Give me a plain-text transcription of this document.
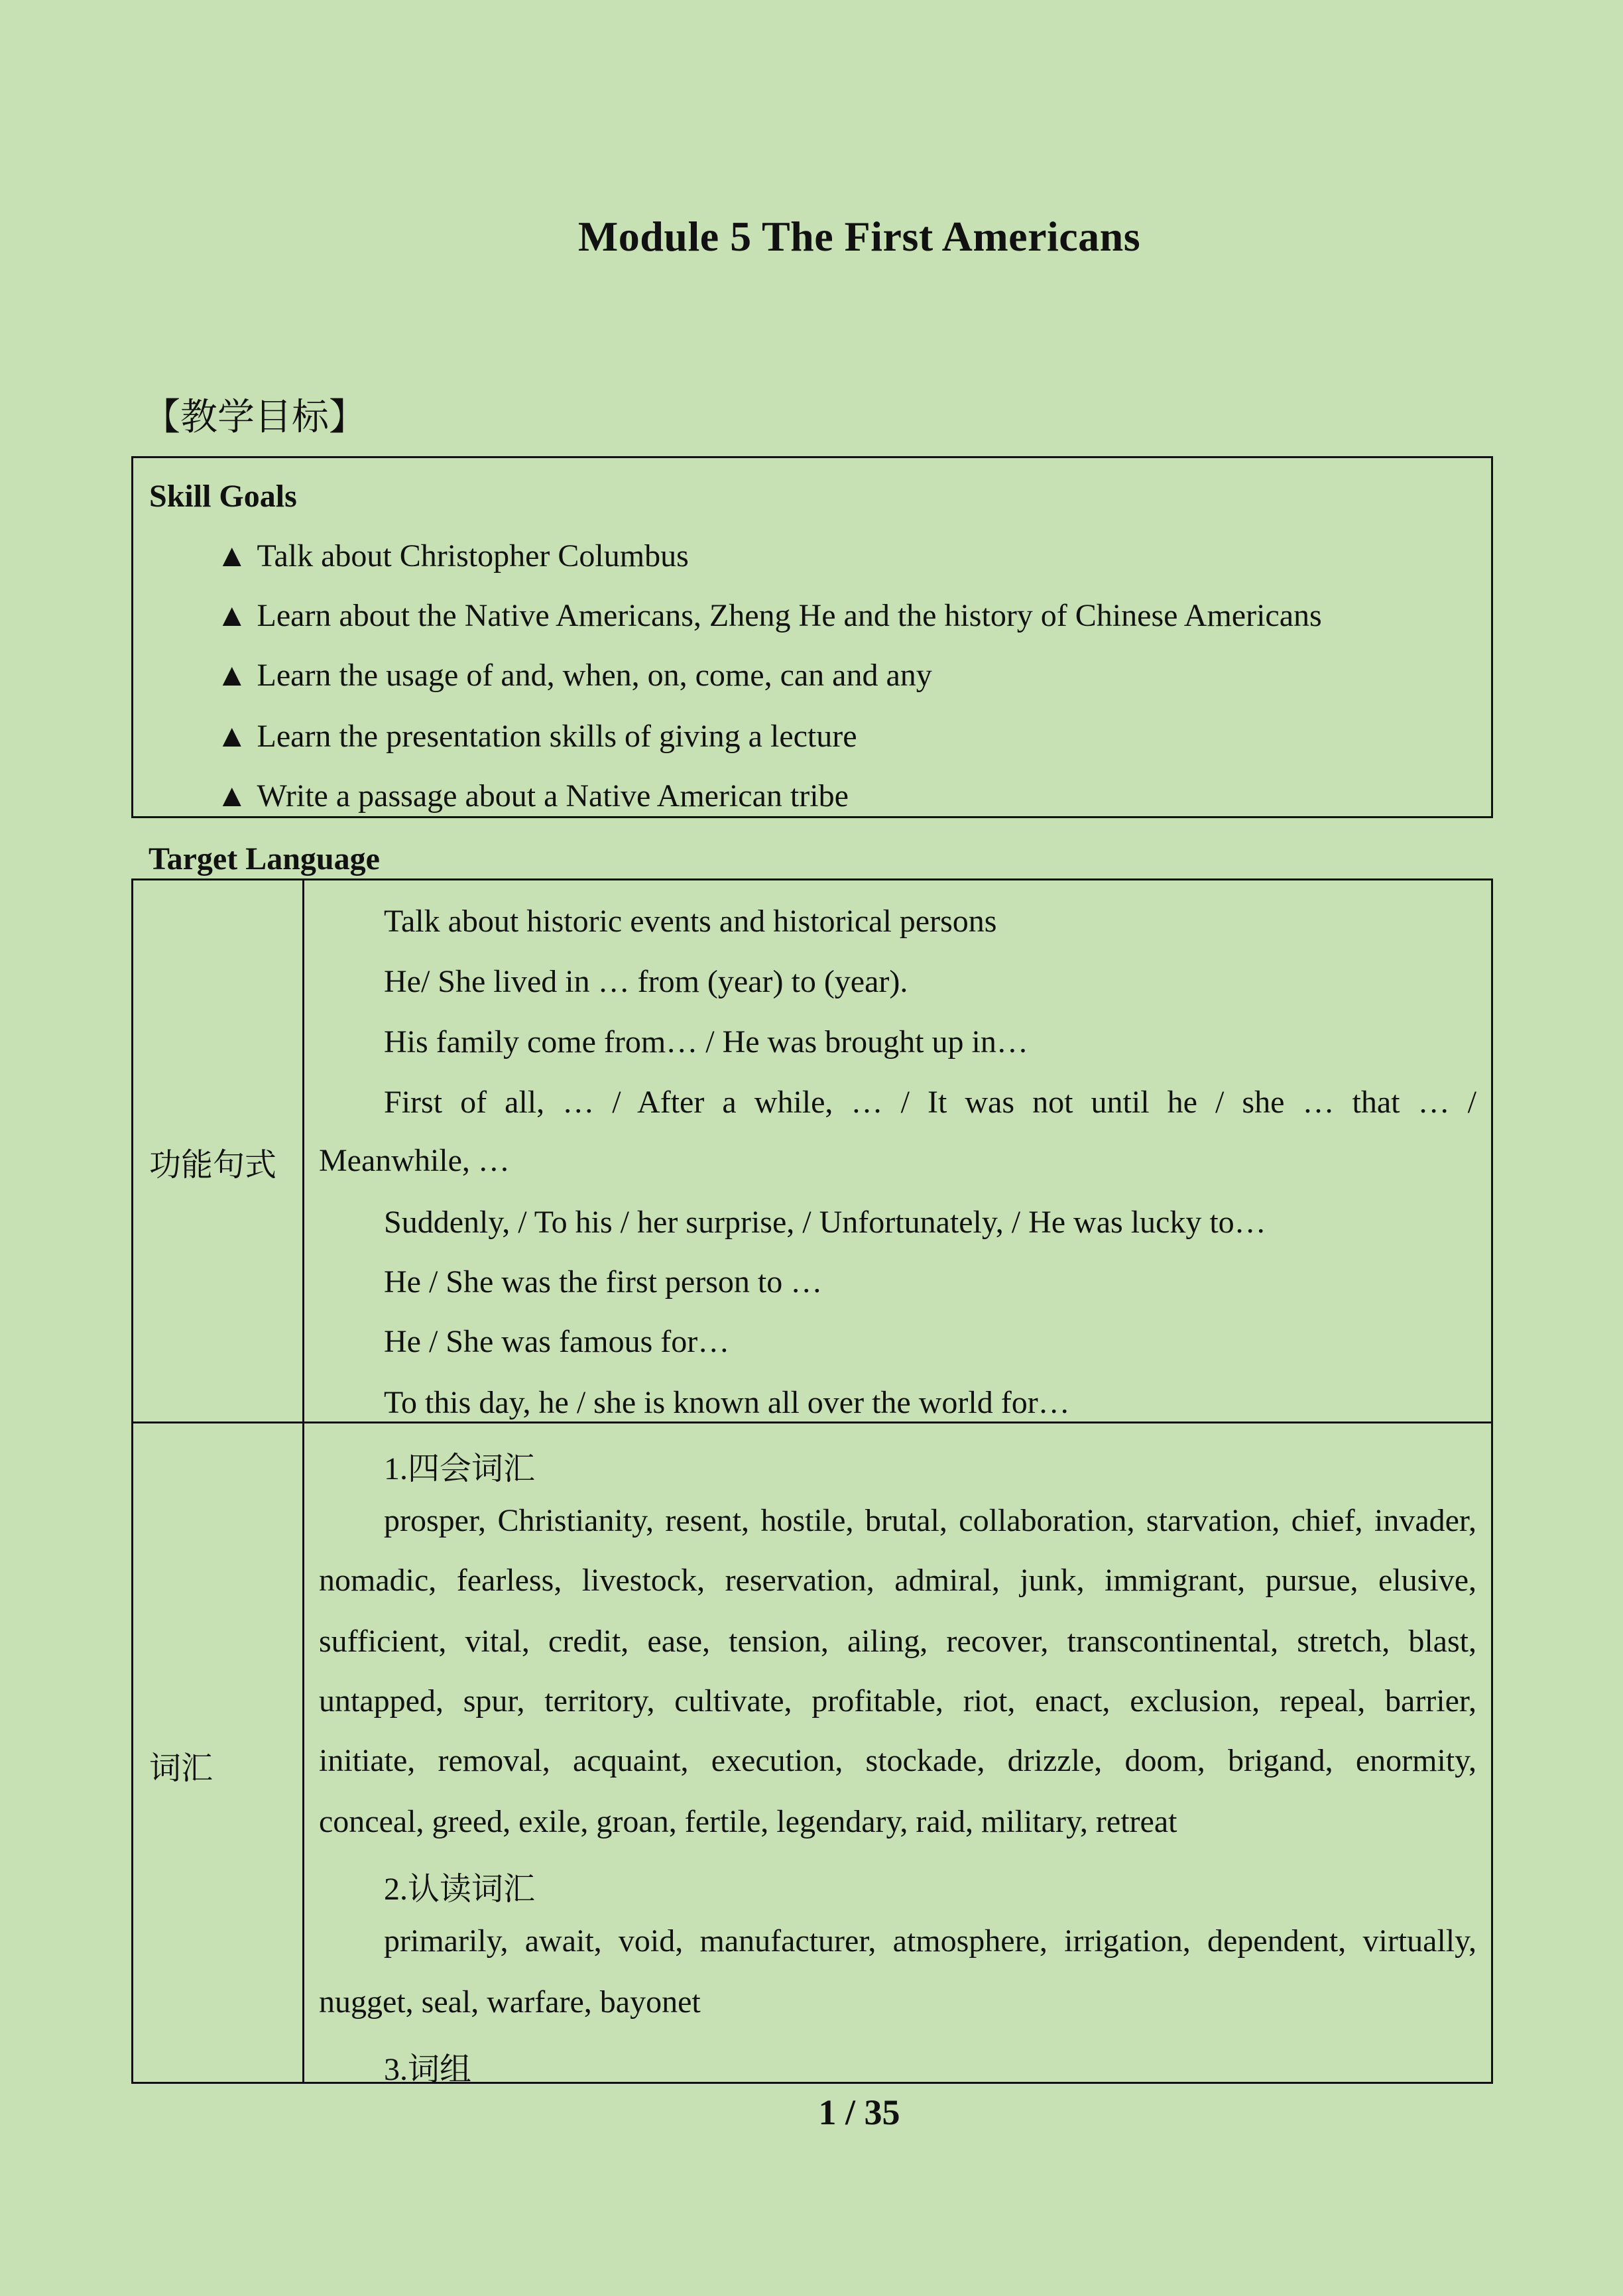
Module 5 The First Americans
【教学目标】
Skill Goals
▲ Talk about Christopher Columbus
▲ Learn about the Native Americans, Zheng He and the history of Chinese Americans
▲ Learn the usage of and, when, on, come, can and any
▲ Learn the presentation skills of giving a lecture
▲ Write a passage about a Native American tribe
Target Language
功能句式
Talk about historic events and historical persons
He/ She lived in … from (year) to (year).
His family come from… / He was brought up in…
First of all, … / After a while, … / It was not until he / she … that … /
Meanwhile, …
Suddenly, / To his / her surprise, / Unfortunately, / He was lucky to…
He / She was the first person to …
He / She was famous for…
To this day, he / she is known all over the world for…
词汇
1.四会词汇
prosper, Christianity, resent, hostile, brutal, collaboration, starvation, chief, invader,
nomadic, fearless, livestock, reservation, admiral, junk, immigrant, pursue, elusive,
sufficient, vital, credit, ease, tension, ailing, recover, transcontinental, stretch, blast,
untapped, spur, territory, cultivate, profitable, riot, enact, exclusion, repeal, barrier,
initiate, removal, acquaint, execution, stockade, drizzle, doom, brigand, enormity,
conceal, greed, exile, groan, fertile, legendary, raid, military, retreat
2.认读词汇
primarily, await, void, manufacturer, atmosphere, irrigation, dependent, virtually,
nugget, seal, warfare, bayonet
3.词组
1 / 35
